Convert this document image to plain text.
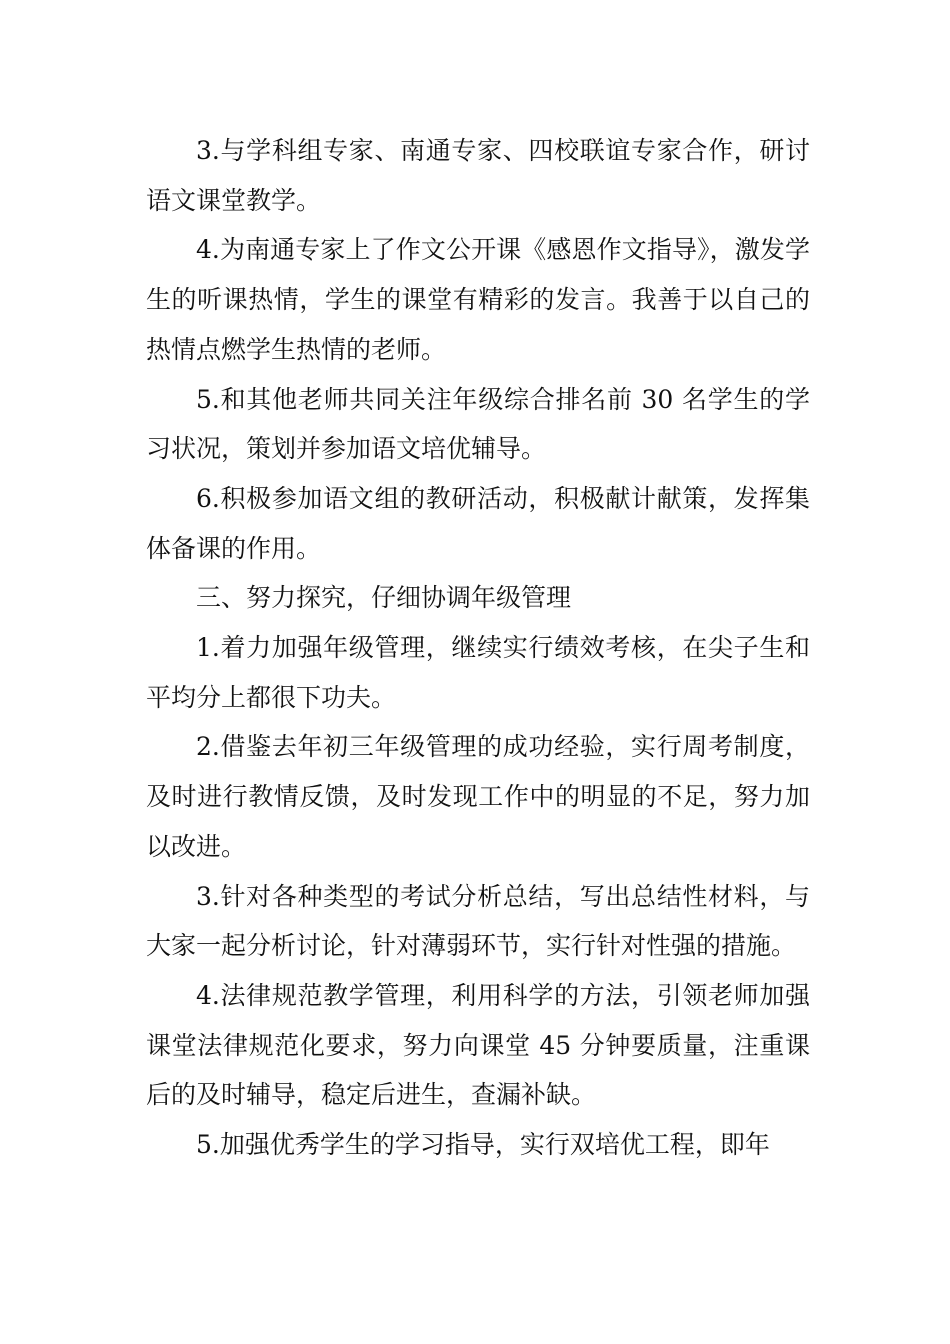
3.与学科组专家、南通专家、四校联谊专家合作，研讨语文课堂教学。

4.为南通专家上了作文公开课《感恩作文指导》，激发学生的听课热情，学生的课堂有精彩的发言。我善于以自己的热情点燃学生热情的老师。

5.和其他老师共同关注年级综合排名前 30 名学生的学习状况，策划并参加语文培优辅导。

6.积极参加语文组的教研活动，积极献计献策，发挥集体备课的作用。

三、努力探究，仔细协调年级管理

1.着力加强年级管理，继续实行绩效考核，在尖子生和平均分上都很下功夫。

2.借鉴去年初三年级管理的成功经验，实行周考制度，及时进行教情反馈，及时发现工作中的明显的不足，努力加以改进。

3.针对各种类型的考试分析总结，写出总结性材料，与大家一起分析讨论，针对薄弱环节，实行针对性强的措施。

4.法律规范教学管理，利用科学的方法，引领老师加强课堂法律规范化要求，努力向课堂 45 分钟要质量，注重课后的及时辅导，稳定后进生，查漏补缺。

5.加强优秀学生的学习指导，实行双培优工程，即年
